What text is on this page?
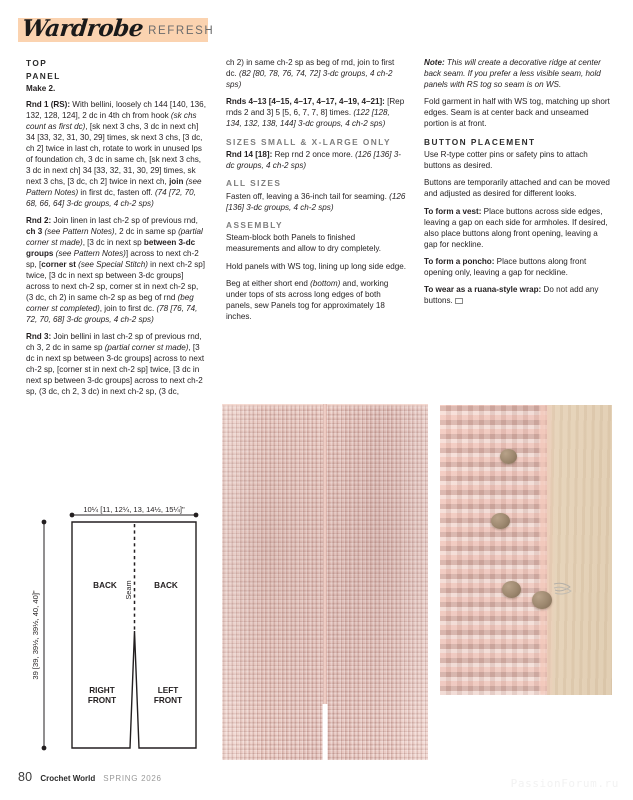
Wardrobe REFRESH
TOP
PANEL
Make 2.

Rnd 1 (RS): With bellini, loosely ch 144 [140, 136, 132, 128, 124], 2 dc in 4th ch from hook (sk chs count as first dc), [sk next 3 chs, 3 dc in next ch] 34 [33, 32, 31, 30, 29] times, sk next 3 chs, [3 dc, ch 2] twice in last ch, rotate to work in unused lps of foundation ch, 3 dc in same ch, [sk next 3 chs, 3 dc in next ch] 34 [33, 32, 31, 30, 29] times, sk next 3 chs, [3 dc, ch 2] twice in next ch, join (see Pattern Notes) in first dc, fasten off. (74 [72, 70, 68, 66, 64] 3-dc groups, 4 ch-2 sps)

Rnd 2: Join linen in last ch-2 sp of previous rnd, ch 3 (see Pattern Notes), 2 dc in same sp (partial corner st made), [3 dc in next sp between 3-dc groups (see Pattern Notes)] across to next ch-2 sp, [corner st (see Special Stitch) in next ch-2 sp] twice, [3 dc in next sp between 3-dc groups] across to next ch-2 sp, corner st in next ch-2 sp, (3 dc, ch 2) in same ch-2 sp as beg of rnd (beg corner st completed), join to first dc. (78 [76, 74, 72, 70, 68] 3-dc groups, 4 ch-2 sps)

Rnd 3: Join bellini in last ch-2 sp of previous rnd, ch 3, 2 dc in same sp (partial corner st made), [3 dc in next sp between 3-dc groups] across to next ch-2 sp, [corner st in next ch-2 sp] twice, [3 dc in next sp between 3-dc groups] across to next ch-2 sp, (3 dc, ch 2, 3 dc) in next ch-2 sp, (3 dc,

ch 2) in same ch-2 sp as beg of rnd, join to first dc. (82 [80, 78, 76, 74, 72] 3-dc groups, 4 ch-2 sps)

Rnds 4–13 [4–15, 4–17, 4–17, 4–19, 4–21]: [Rep rnds 2 and 3] 5 [5, 6, 7, 7, 8] times. (122 [128, 134, 132, 138, 144] 3-dc groups, 4 ch-2 sps)

SIZES SMALL & X-LARGE ONLY

Rnd 14 [18]: Rep rnd 2 once more. (126 [136] 3-dc groups, 4 ch-2 sps)

ALL SIZES

Fasten off, leaving a 36-inch tail for seaming. (126 [136] 3-dc groups, 4 ch-2 sps)

ASSEMBLY

Steam-block both Panels to finished measurements and allow to dry completely.

Hold panels with WS tog, lining up long side edge.

Beg at either short end (bottom) and, working under tops of sts across long edges of both panels, sew Panels tog for approximately 18 inches.

Note: This will create a decorative ridge at center back seam. If you prefer a less visible seam, hold panels with RS tog so seam is on WS.

Fold garment in half with WS tog, matching up short edges. Seam is at center back and unseamed portion is at front.

BUTTON PLACEMENT

Use R-type cotter pins or safety pins to attach buttons as desired.

Buttons are temporarily attached and can be moved and adjusted as desired for different looks.

To form a vest: Place buttons across side edges, leaving a gap on each side for armholes. If desired, also place buttons along front opening, leaving a gap for neckline.

To form a poncho: Place buttons along front opening only, leaving a gap for neckline.

To wear as a ruana-style wrap: Do not add any buttons.

10¼ [11, 12¼, 13, 14½, 15¼]"
39 [39, 39½, 39½, 40, 40]"
BACK	BACK
Seam
RIGHT
FRONT
LEFT
FRONT
80 Crochet World SPRING 2026	PassionForum.ru
